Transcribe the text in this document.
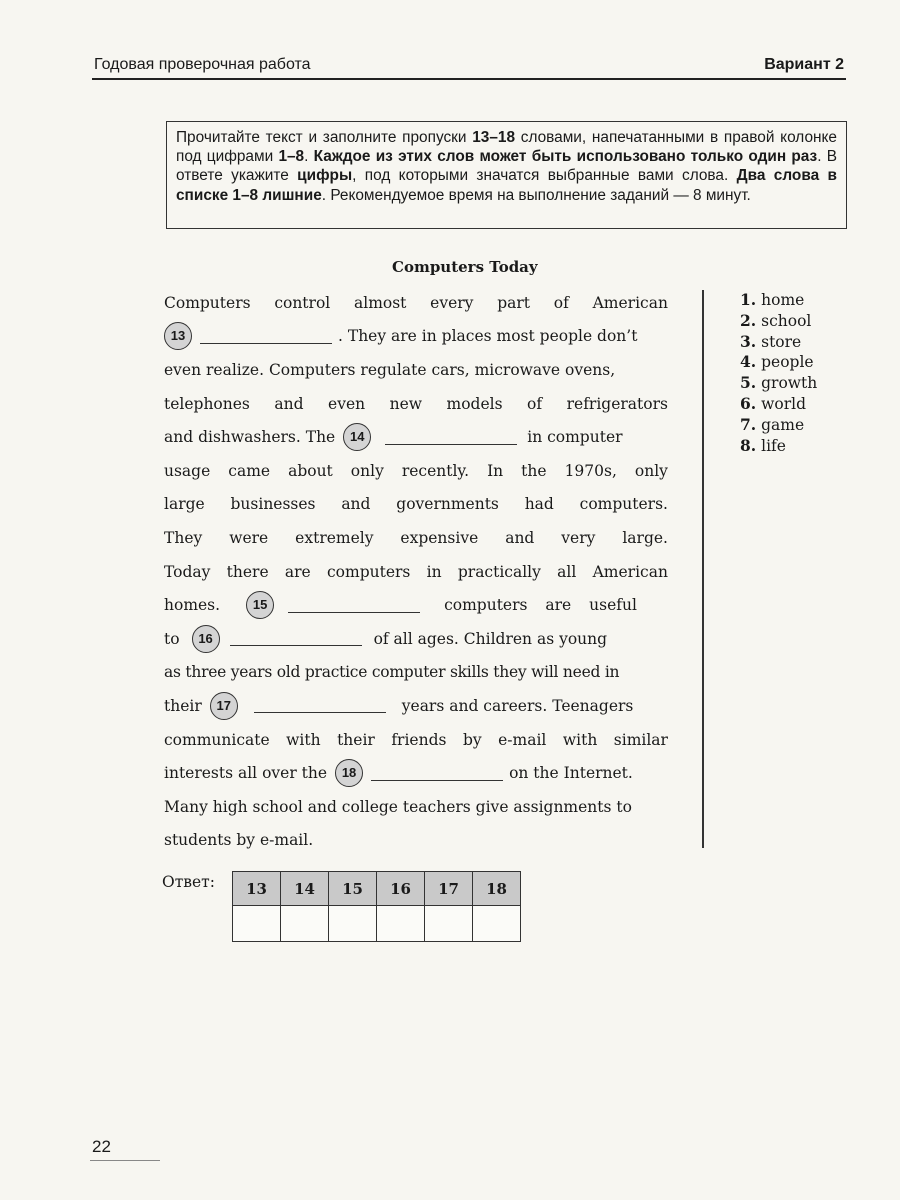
Годовая проверочная работа	Вариант 2
Прочитайте текст и заполните пропуски 13–18 словами, напечатанными в правой колонке под цифрами 1–8. Каждое из этих слов может быть использовано только один раз. В ответе укажите цифры, под которыми значатся выбранные вами слова. Два слова в списке 1–8 лишние. Рекомендуемое время на выполнение заданий — 8 минут.
Computers Today
Computers control almost every part of American
13	. They are in places most people don’t
even realize. Computers regulate cars, microwave ovens,
telephones and even new models of refrigerators
and dishwashers. The	14	in computer
usage came about only recently. In the 1970s, only
large businesses and governments had computers.
They were extremely expensive and very large.
Today there are computers in practically all American
homes.	15	computers are useful
to	16	of all ages. Children as young
as three years old practice computer skills they will need in
their	17	years and careers. Teenagers
communicate with their friends by e-mail with similar
interests all over the	18	on the Internet.
Many high school and college teachers give assignments to
students by e-mail.
1. home
2. school
3. store
4. people
5. growth
6. world
7. game
8. life
Ответ: 13	14	15	16	17	18

22
